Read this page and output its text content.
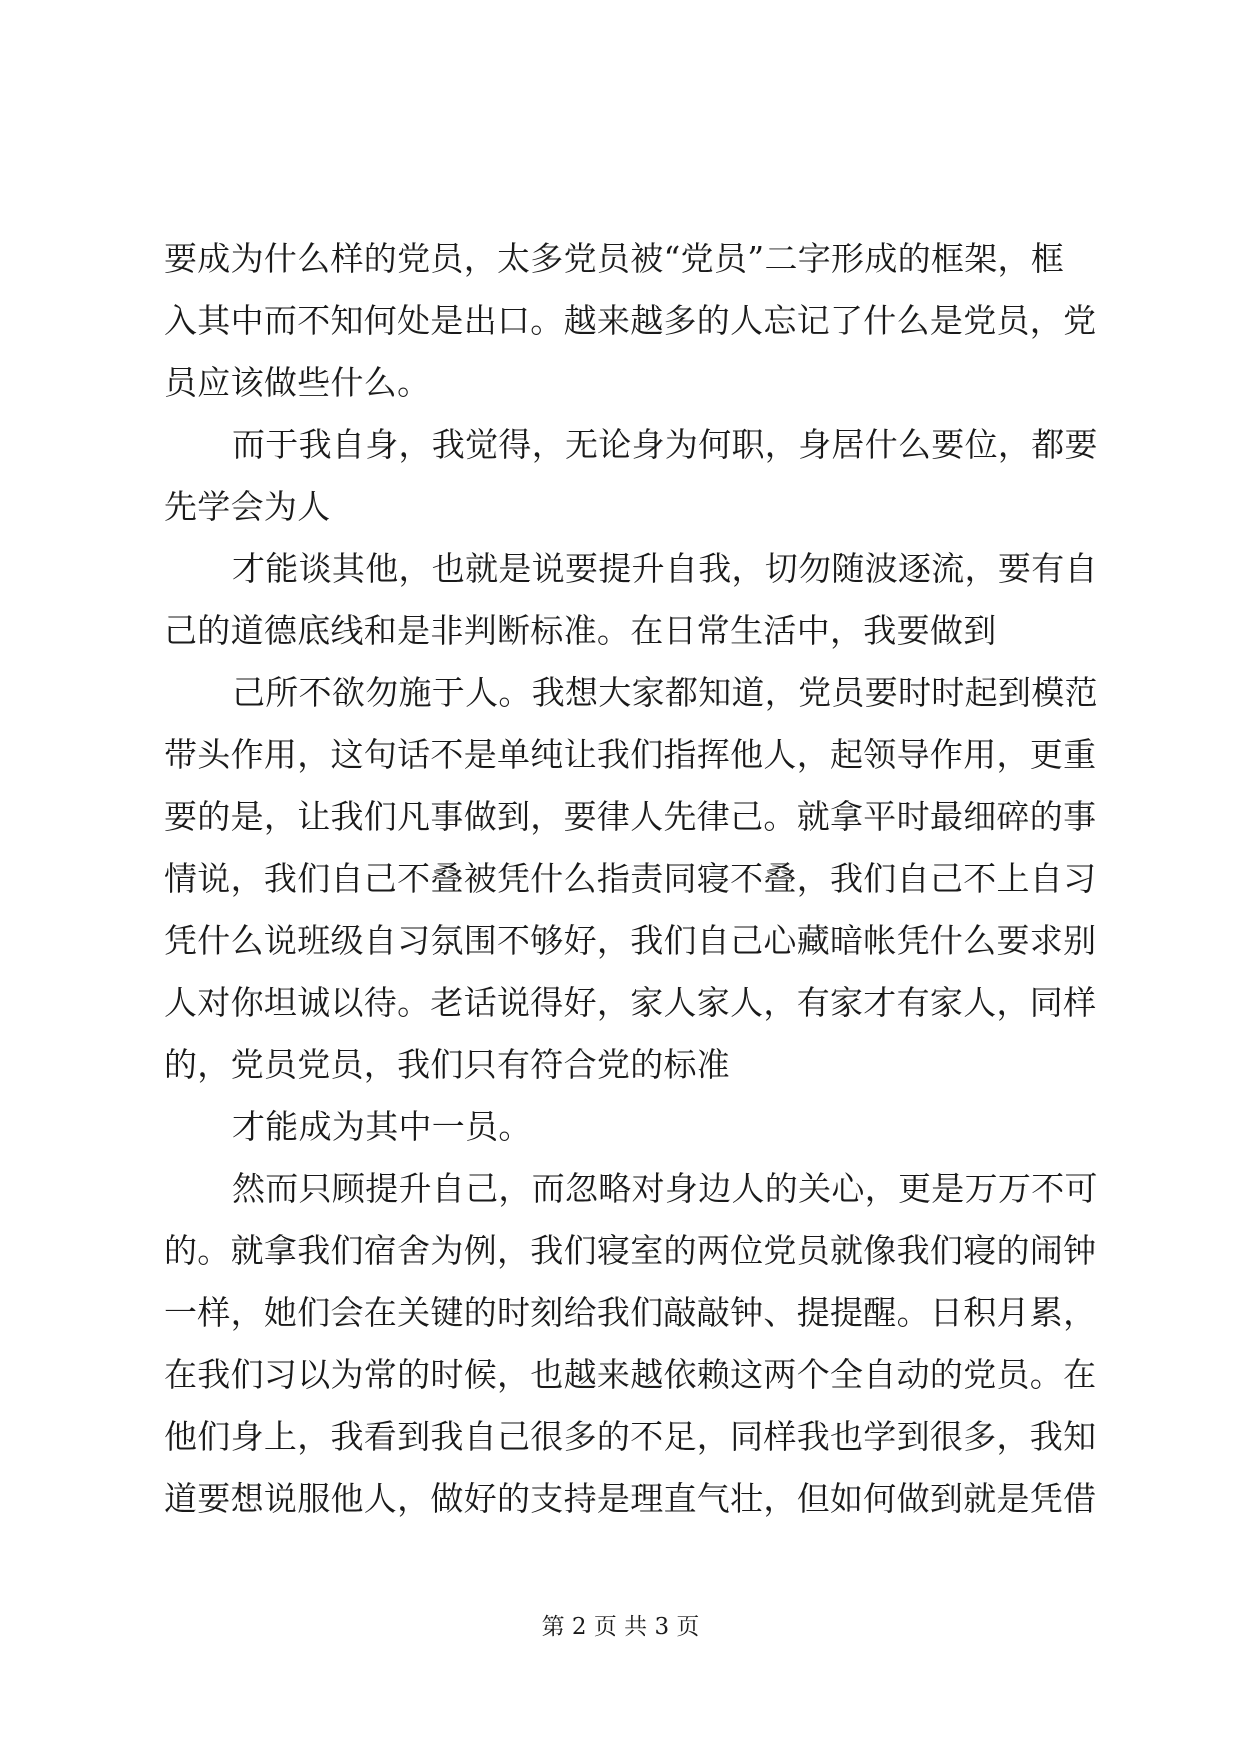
要成为什么样的党员，太多党员被“党员”二字形成的框架，框
入其中而不知何处是出口。越来越多的人忘记了什么是党员，党
员应该做些什么。
而于我自身，我觉得，无论身为何职，身居什么要位，都要
先学会为人
才能谈其他，也就是说要提升自我，切勿随波逐流，要有自
己的道德底线和是非判断标准。在日常生活中，我要做到
己所不欲勿施于人。我想大家都知道，党员要时时起到模范
带头作用，这句话不是单纯让我们指挥他人，起领导作用，更重
要的是，让我们凡事做到，要律人先律己。就拿平时最细碎的事
情说，我们自己不叠被凭什么指责同寝不叠，我们自己不上自习
凭什么说班级自习氛围不够好，我们自己心藏暗帐凭什么要求别
人对你坦诚以待。老话说得好，家人家人，有家才有家人，同样
的，党员党员，我们只有符合党的标准
才能成为其中一员。
然而只顾提升自己，而忽略对身边人的关心，更是万万不可
的。就拿我们宿舍为例，我们寝室的两位党员就像我们寝的闹钟
一样，她们会在关键的时刻给我们敲敲钟、提提醒。日积月累，
在我们习以为常的时候，也越来越依赖这两个全自动的党员。在
他们身上，我看到我自己很多的不足，同样我也学到很多，我知
道要想说服他人，做好的支持是理直气壮，但如何做到就是凭借
第 2 页 共 3 页
